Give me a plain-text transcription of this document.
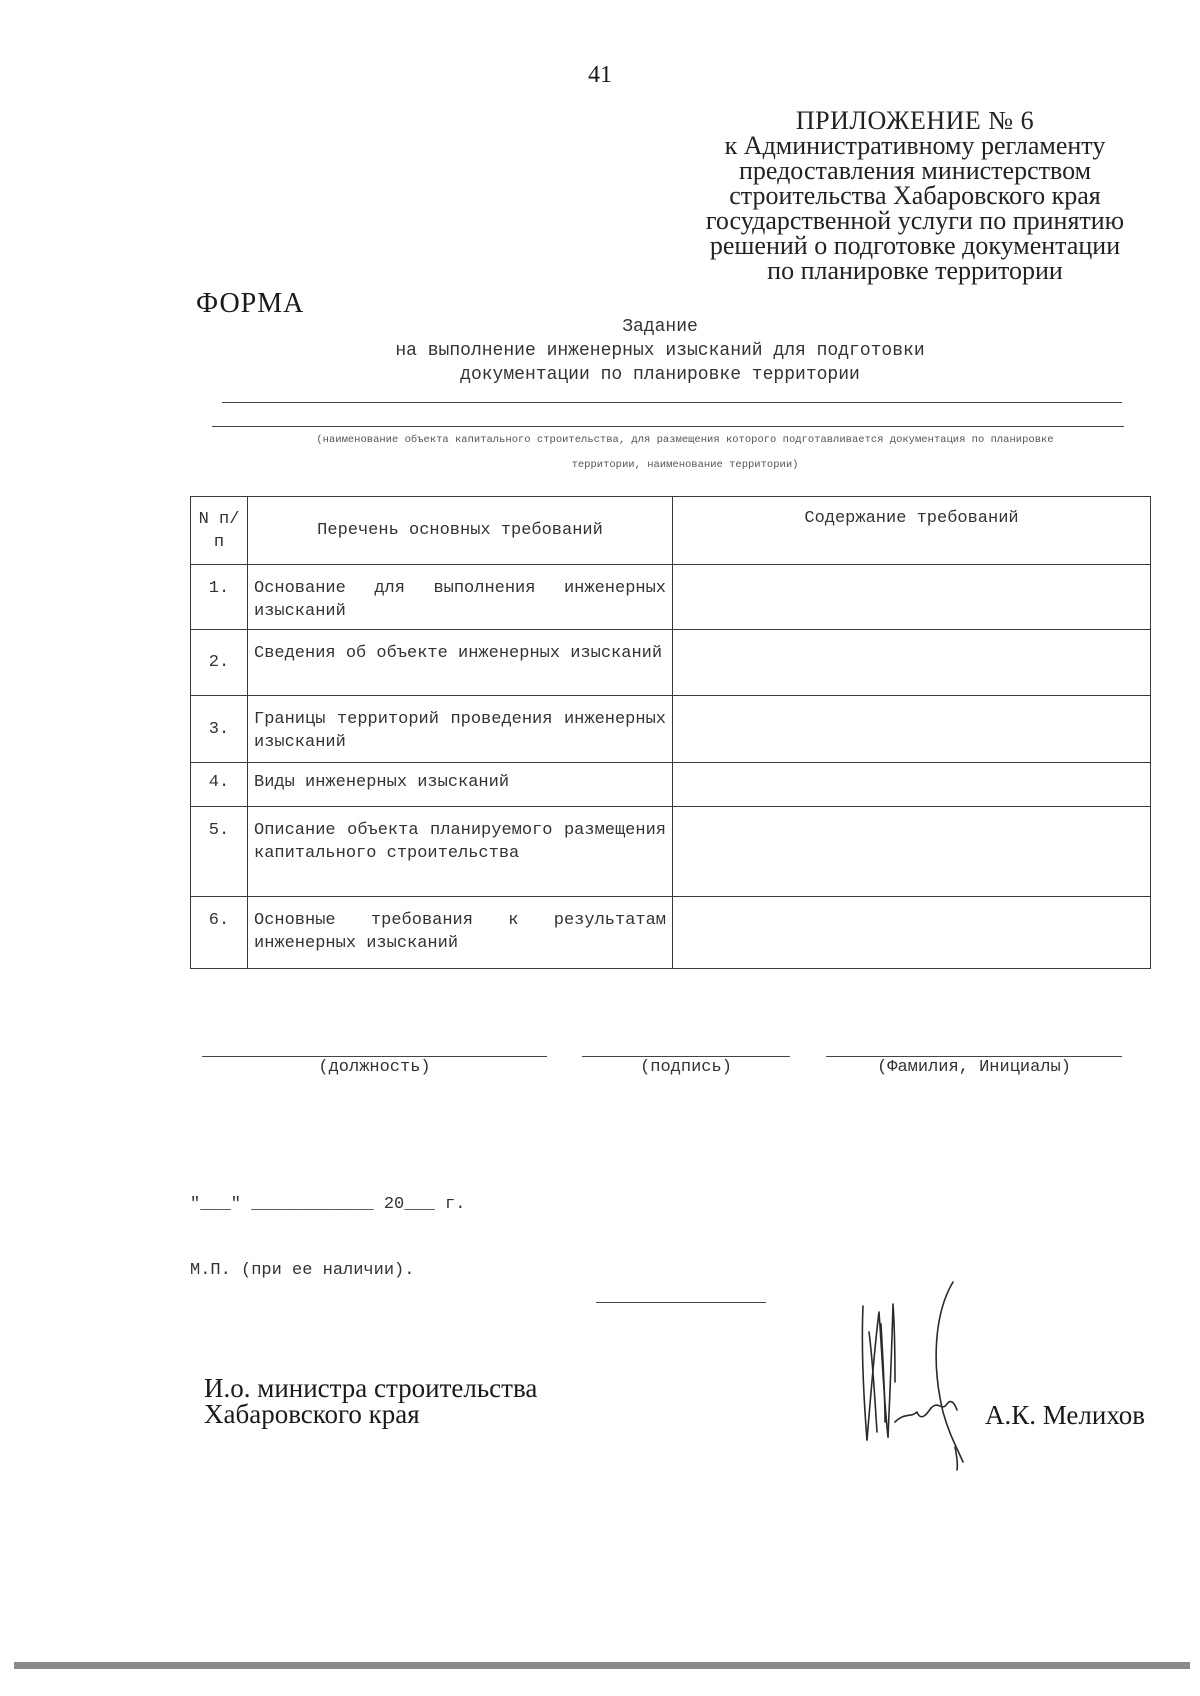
41
ПРИЛОЖЕНИЕ № 6
к Административному регламенту
предоставления министерством
строительства Хабаровского края
государственной услуги по принятию
решений о подготовке документации
по планировке территории
ФОРМА
Задание
на выполнение инженерных изысканий для подготовки
документации по планировке территории
(наименование объекта капитального строительства, для размещения которого подготавливается документация по планировке
территории, наименование территории)
N п/п	Перечень основных требований	Содержание требований
1.	Основание для выполнения инженерных изысканий	
2.	Сведения об объекте инженерных изысканий	
3.	Границы территорий проведения инженерных изысканий	
4.	Виды инженерных изысканий	
5.	Описание объекта планируемого размещения капитального строительства	
6.	Основные требования к результатам инженерных изысканий	
(должность)	(подпись)	(Фамилия, Инициалы)

"___" ____________ 20___ г.

М.П. (при ее наличии).

И.о. министра строительства
Хабаровского края	А.К. Мелихов
